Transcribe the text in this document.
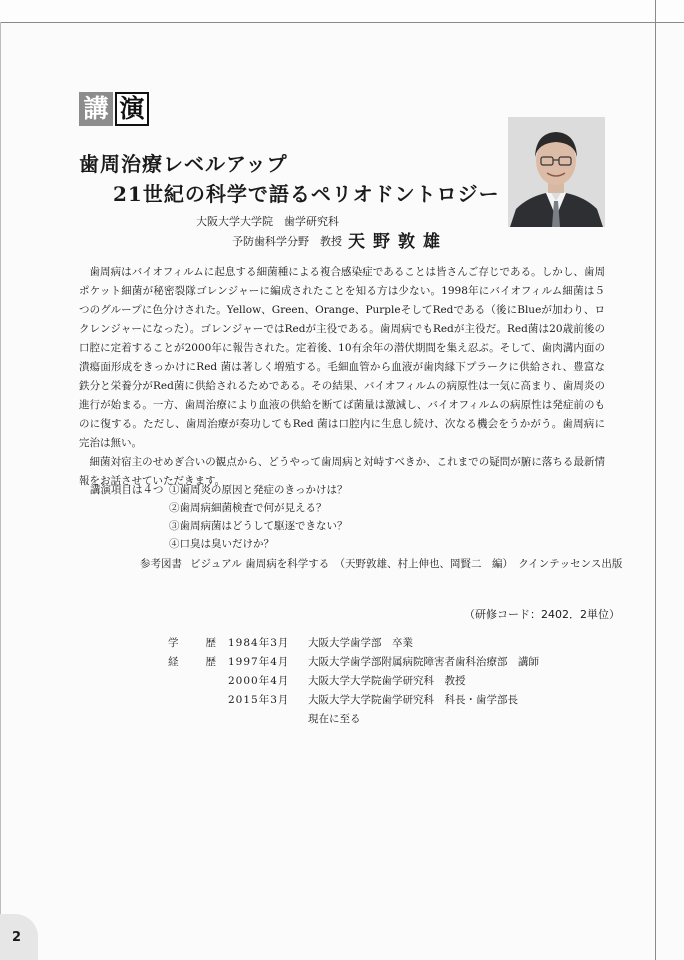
講 演
歯周治療レベルアップ
21世紀の科学で語るペリオドントロジー
大阪大学大学院　歯学研究科
予防歯科学分野　教授 天野敦雄

歯周病はバイオフィルムに起息する細菌種による複合感染症であることは皆さんご存じである。しかし、歯周ポケット細菌が秘密裂隊ゴレンジャーに編成されたことを知る方は少ない。1998年にバイオフィルム細菌は５つのグループに色分けされた。Yellow、Green、Orange、PurpleそしてRedである（後にBlueが加わり、ロクレンジャーになった）。ゴレンジャーではRedが主役である。歯周病でもRedが主役だ。Red菌は20歳前後の口腔に定着することが2000年に報告された。定着後、10有余年の潜伏期間を集え忍ぶ。そして、歯肉溝内面の潰瘍面形成をきっかけにRed 菌は著しく増殖する。毛細血管から血液が歯肉縁下プラークに供給され、豊富な鉄分と栄養分がRed菌に供給されるためである。その結果、バイオフィルムの病原性は一気に高まり、歯周炎の進行が始まる。一方、歯周治療により血液の供給を断てば菌量は激減し、バイオフィルムの病原性は発症前のものに復する。ただし、歯周治療が奏功してもRed 菌は口腔内に生息し続け、次なる機会をうかがう。歯周病に完治は無い。

細菌対宿主のせめぎ合いの観点から、どうやって歯周病と対峙すべきか、これまでの疑問が腑に落ちる最新情報をお話させていただきます。

講演項目は４つ ①歯周炎の原因と発症のきっかけは？
②歯周病細菌検査で何が見える？
③歯周病菌はどうして駆逐できない？
④口臭は臭いだけか？
参考図書 ビジュアル 歯周病を科学する　（天野敦雄、村上伸也、岡賢二　編）　クインテッセンス出版
（研修コード：2402．2単位）
学　　歴 1984年3月	大阪大学歯学部　卒業
経　　歴 1997年4月	大阪大学歯学部附属病院障害者歯科治療部　講師
2000年4月	大阪大学大学院歯学研究科　教授
2015年3月	大阪大学大学院歯学研究科　科長・歯学部長
現在に至る
2
